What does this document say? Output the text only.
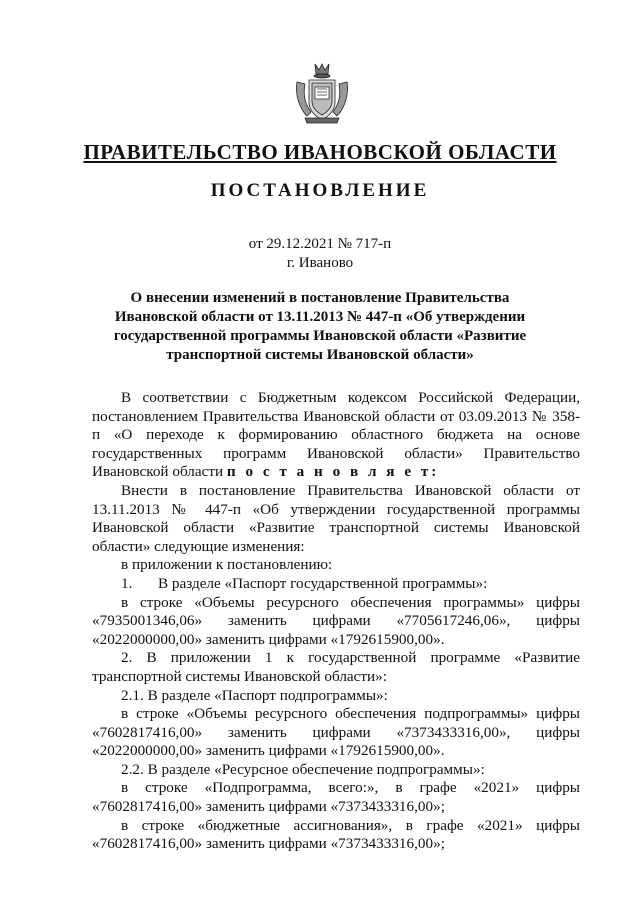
ПРАВИТЕЛЬСТВО ИВАНОВСКОЙ ОБЛАСТИ
ПОСТАНОВЛЕНИЕ
от 29.12.2021 № 717-п
г. Иваново
О внесении изменений в постановление Правительства Ивановской области от 13.11.2013 № 447-п «Об утверждении государственной программы Ивановской области «Развитие транспортной системы Ивановской области»

В соответствии с Бюджетным кодексом Российской Федерации, постановлением Правительства Ивановской области от 03.09.2013 № 358-п «О переходе к формированию областного бюджета на основе государственных программ Ивановской области» Правительство Ивановской области п о с т а н о в л я е т:

Внести в постановление Правительства Ивановской области от 13.11.2013 № 447-п «Об утверждении государственной программы Ивановской области «Развитие транспортной системы Ивановской области» следующие изменения:

в приложении к постановлению:

1. В разделе «Паспорт государственной программы»:

в строке «Объемы ресурсного обеспечения программы» цифры «7935001346,06» заменить цифрами «7705617246,06», цифры «2022000000,00» заменить цифрами «1792615900,00».

2. В приложении 1 к государственной программе «Развитие транспортной системы Ивановской области»:

2.1. В разделе «Паспорт подпрограммы»:

в строке «Объемы ресурсного обеспечения подпрограммы» цифры «7602817416,00» заменить цифрами «7373433316,00», цифры «2022000000,00» заменить цифрами «1792615900,00».

2.2. В разделе «Ресурсное обеспечение подпрограммы»:

в строке «Подпрограмма, всего:», в графе «2021» цифры «7602817416,00» заменить цифрами «7373433316,00»;

в строке «бюджетные ассигнования», в графе «2021» цифры «7602817416,00» заменить цифрами «7373433316,00»;
